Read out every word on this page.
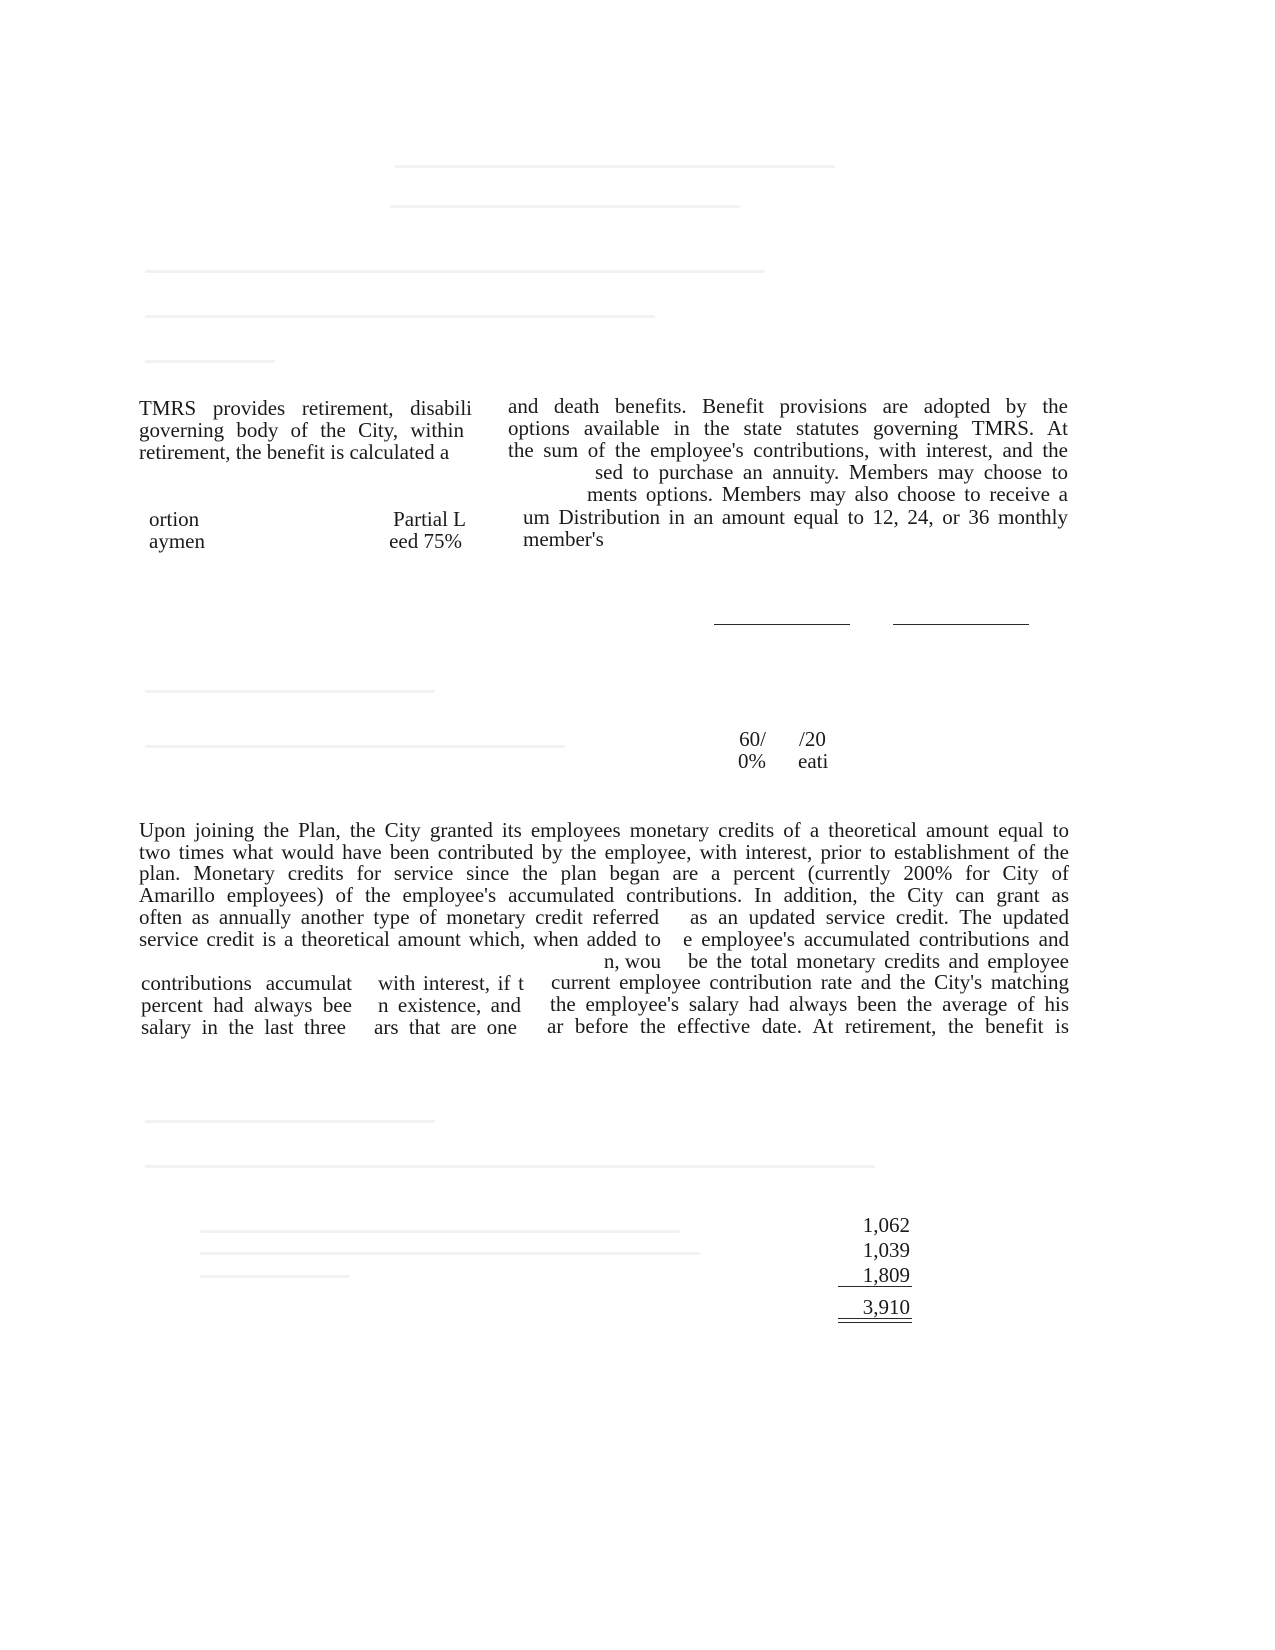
TMRS provides retirement, disabili
governing body of the City, within
retirement, the benefit is calculated a
and death benefits. Benefit provisions are adopted by the
options available in the state statutes governing TMRS. At
the sum of the employee's contributions, with interest, and the
sed to purchase an annuity. Members may choose to
ments options. Members may also choose to receive a
um Distribution in an amount equal to 12, 24, or 36 monthly
member's
ortion
aymen
Partial L
eed 75%
60/
0%
/20
eati
Upon joining the Plan, the City granted its employees monetary credits of a theoretical amount equal to
two times what would have been contributed by the employee, with interest, prior to establishment of the
plan. Monetary credits for service since the plan began are a percent (currently 200% for City of
Amarillo employees) of the employee's accumulated contributions. In addition, the City can grant as
often as annually another type of monetary credit referred as an updated service credit. The updated
service credit is a theoretical amount which, when added to e employee's accumulated contributions and
n, wou be the total monetary credits and employee
contributions accumulat
percent had always bee
salary in the last three
with interest, if t
n existence, and
ars that are one
current employee contribution rate and the City's matching
the employee's salary had always been the average of his
ar before the effective date. At retirement, the benefit is
1,062
1,039
1,809
3,910
